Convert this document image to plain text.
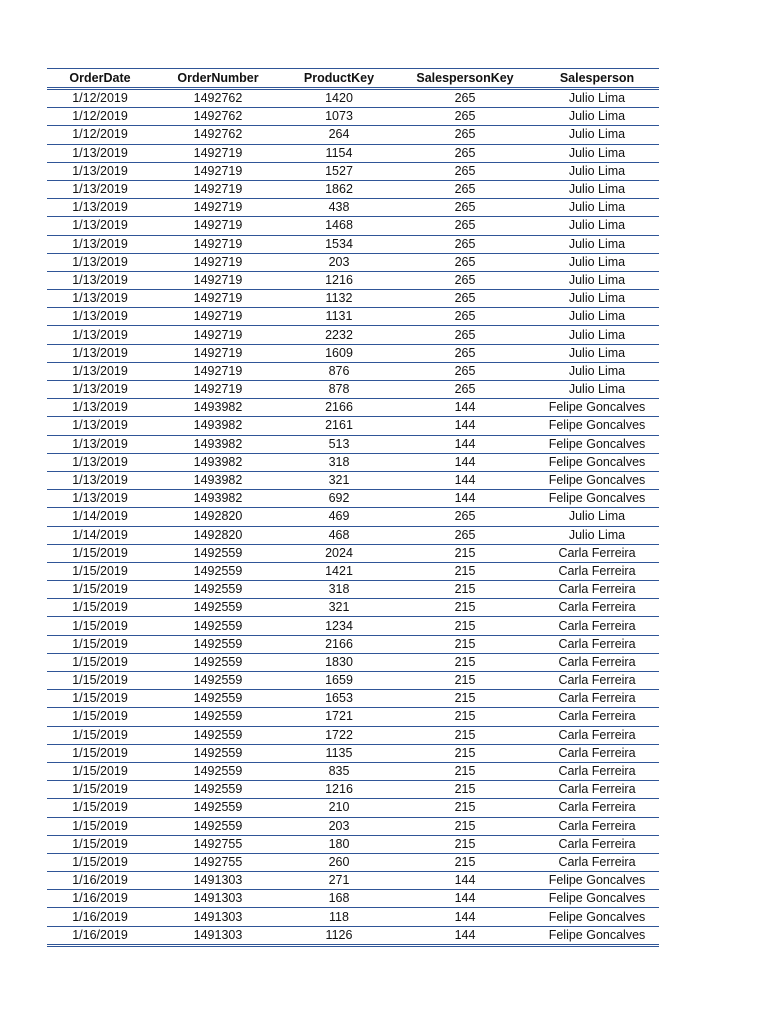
OrderDate	OrderNumber	ProductKey	SalespersonKey	Salesperson
1/12/2019	1492762	1420	265	Julio Lima
1/12/2019	1492762	1073	265	Julio Lima
1/12/2019	1492762	264	265	Julio Lima
1/13/2019	1492719	1154	265	Julio Lima
1/13/2019	1492719	1527	265	Julio Lima
1/13/2019	1492719	1862	265	Julio Lima
1/13/2019	1492719	438	265	Julio Lima
1/13/2019	1492719	1468	265	Julio Lima
1/13/2019	1492719	1534	265	Julio Lima
1/13/2019	1492719	203	265	Julio Lima
1/13/2019	1492719	1216	265	Julio Lima
1/13/2019	1492719	1132	265	Julio Lima
1/13/2019	1492719	1131	265	Julio Lima
1/13/2019	1492719	2232	265	Julio Lima
1/13/2019	1492719	1609	265	Julio Lima
1/13/2019	1492719	876	265	Julio Lima
1/13/2019	1492719	878	265	Julio Lima
1/13/2019	1493982	2166	144	Felipe Goncalves
1/13/2019	1493982	2161	144	Felipe Goncalves
1/13/2019	1493982	513	144	Felipe Goncalves
1/13/2019	1493982	318	144	Felipe Goncalves
1/13/2019	1493982	321	144	Felipe Goncalves
1/13/2019	1493982	692	144	Felipe Goncalves
1/14/2019	1492820	469	265	Julio Lima
1/14/2019	1492820	468	265	Julio Lima
1/15/2019	1492559	2024	215	Carla Ferreira
1/15/2019	1492559	1421	215	Carla Ferreira
1/15/2019	1492559	318	215	Carla Ferreira
1/15/2019	1492559	321	215	Carla Ferreira
1/15/2019	1492559	1234	215	Carla Ferreira
1/15/2019	1492559	2166	215	Carla Ferreira
1/15/2019	1492559	1830	215	Carla Ferreira
1/15/2019	1492559	1659	215	Carla Ferreira
1/15/2019	1492559	1653	215	Carla Ferreira
1/15/2019	1492559	1721	215	Carla Ferreira
1/15/2019	1492559	1722	215	Carla Ferreira
1/15/2019	1492559	1135	215	Carla Ferreira
1/15/2019	1492559	835	215	Carla Ferreira
1/15/2019	1492559	1216	215	Carla Ferreira
1/15/2019	1492559	210	215	Carla Ferreira
1/15/2019	1492559	203	215	Carla Ferreira
1/15/2019	1492755	180	215	Carla Ferreira
1/15/2019	1492755	260	215	Carla Ferreira
1/16/2019	1491303	271	144	Felipe Goncalves
1/16/2019	1491303	168	144	Felipe Goncalves
1/16/2019	1491303	118	144	Felipe Goncalves
1/16/2019	1491303	1126	144	Felipe Goncalves
